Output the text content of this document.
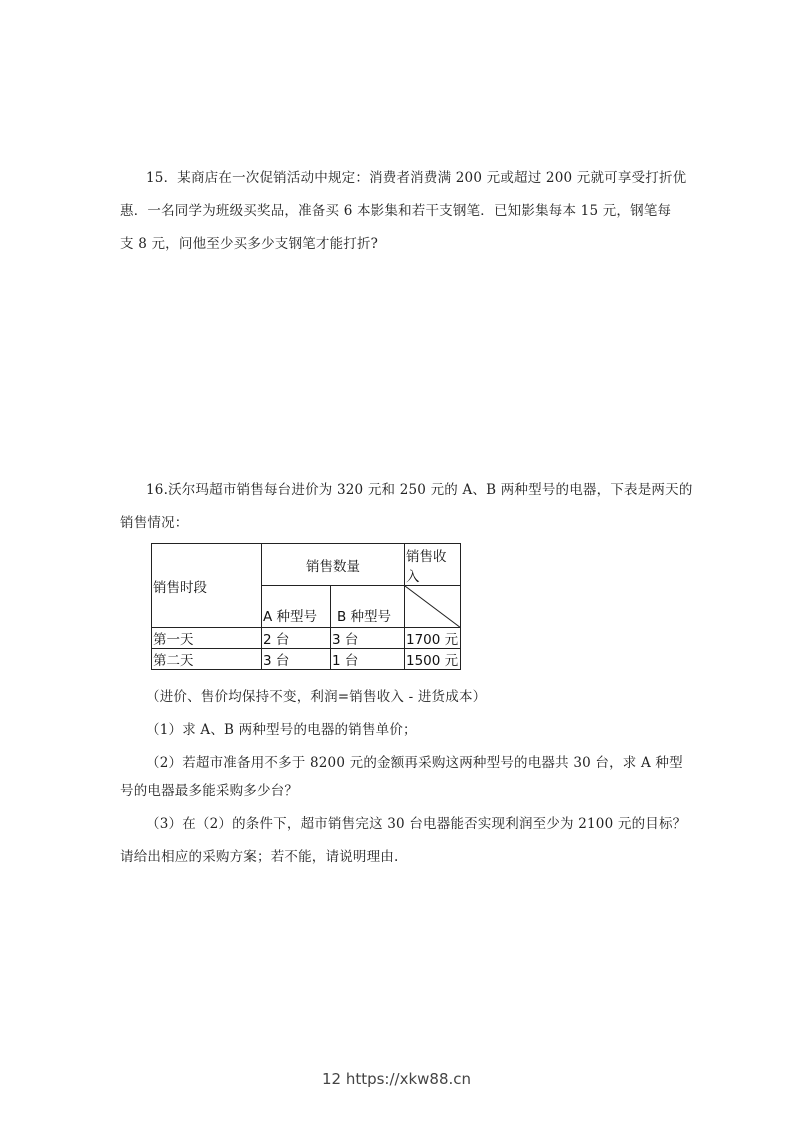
15．某商店在一次促销活动中规定：消费者消费满 200 元或超过 200 元就可享受打折优
惠．一名同学为班级买奖品，准备买 6 本影集和若干支钢笔．已知影集每本 15 元，钢笔每
支 8 元，问他至少买多少支钢笔才能打折?
16.沃尔玛超市销售每台进价为 320 元和 250 元的 A、B 两种型号的电器，下表是两天的
销售情况：
销售时段	销售数量		销售收入
	A 种型号	B 种型号	

第一天	2 台	3 台	1700 元
第二天	3 台	1 台	1500 元
（进价、售价均保持不变，利润=销售收入 - 进货成本）
（1）求 A、B 两种型号的电器的销售单价；
（2）若超市准备用不多于 8200 元的金额再采购这两种型号的电器共 30 台，求 A 种型
号的电器最多能采购多少台？
（3）在（2）的条件下，超市销售完这 30 台电器能否实现利润至少为 2100 元的目标？
请给出相应的采购方案；若不能，请说明理由.
12 https://xkw88.cn
